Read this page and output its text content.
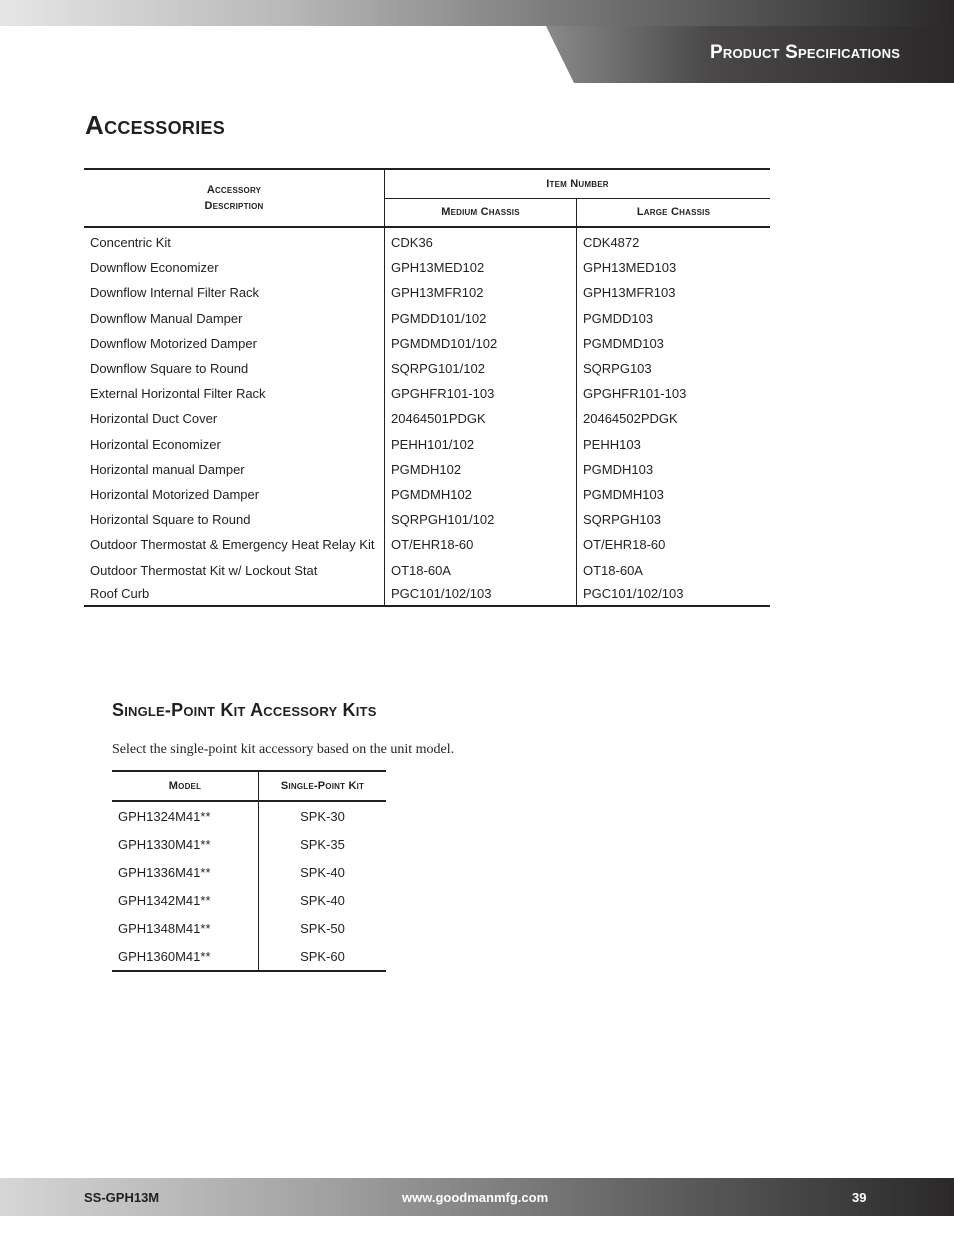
Product Specifications
Accessories
Accessory Description	Item Number	
	Medium Chassis	Large Chassis
Concentric Kit	CDK36	CDK4872
Downflow Economizer	GPH13MED102	GPH13MED103
Downflow Internal Filter Rack	GPH13MFR102	GPH13MFR103
Downflow Manual Damper	PGMDD101/102	PGMDD103
Downflow Motorized Damper	PGMDMD101/102	PGMDMD103
Downflow Square to Round	SQRPG101/102	SQRPG103
External Horizontal Filter Rack	GPGHFR101-103	GPGHFR101-103
Horizontal Duct Cover	20464501PDGK	20464502PDGK
Horizontal Economizer	PEHH101/102	PEHH103
Horizontal manual Damper	PGMDH102	PGMDH103
Horizontal Motorized Damper	PGMDMH102	PGMDMH103
Horizontal Square to Round	SQRPGH101/102	SQRPGH103
Outdoor Thermostat & Emergency Heat Relay Kit	OT/EHR18-60	OT/EHR18-60
Outdoor Thermostat Kit w/ Lockout Stat	OT18-60A	OT18-60A
Roof Curb	PGC101/102/103	PGC101/102/103
Single-Point Kit Accessory Kits

Select the single-point kit accessory based on the unit model.

Model	Single-Point Kit
GPH1324M41**	SPK-30
GPH1330M41**	SPK-35
GPH1336M41**	SPK-40
GPH1342M41**	SPK-40
GPH1348M41**	SPK-50
GPH1360M41**	SPK-60
SS-GPH13M	www.goodmanmfg.com	39
